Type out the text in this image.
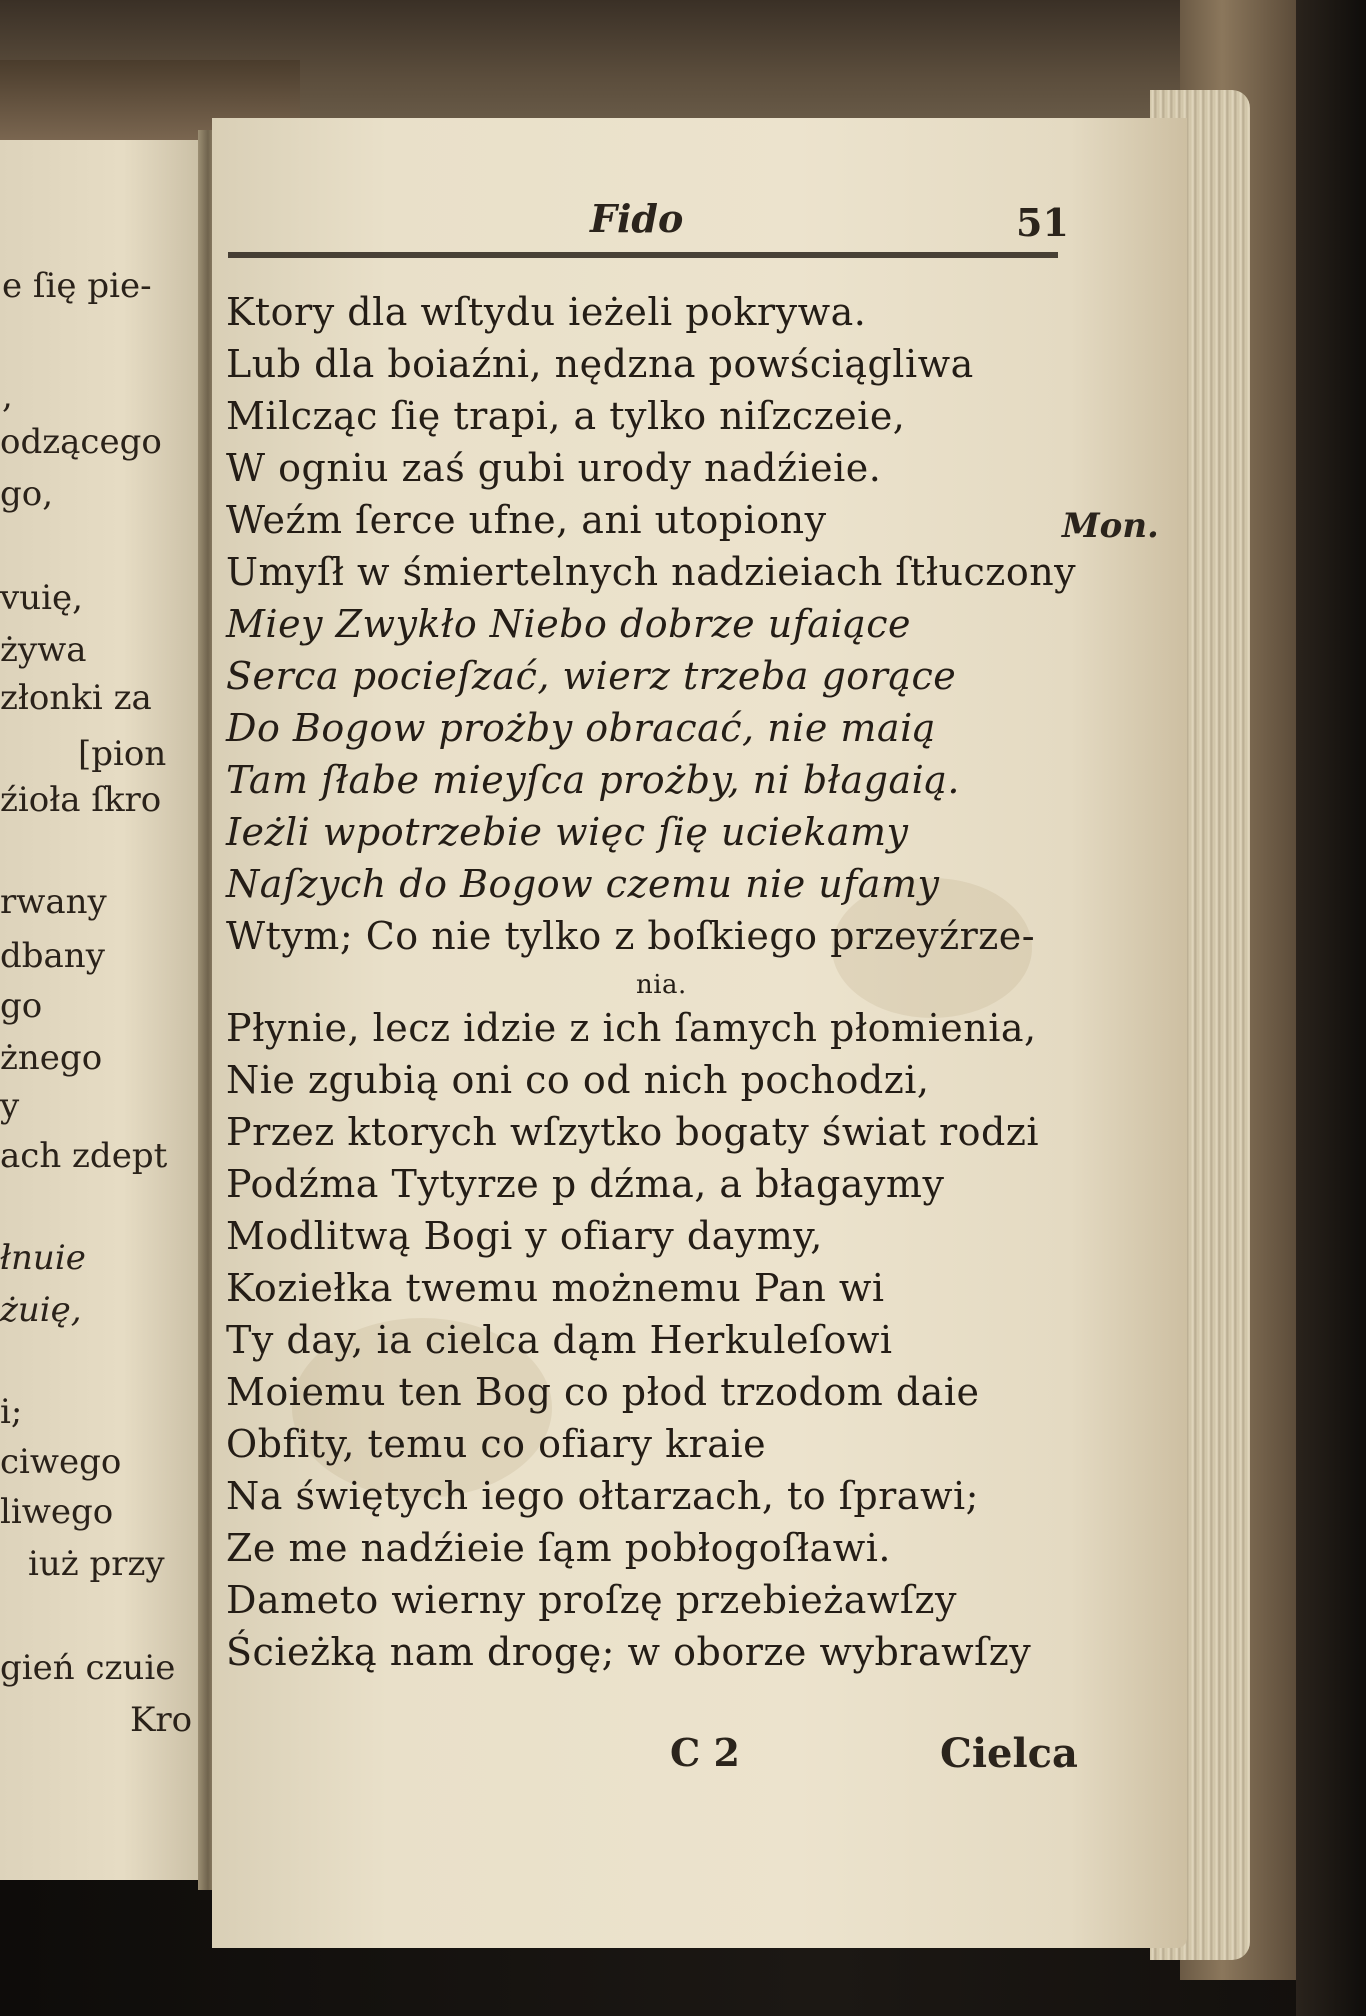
e ſię pie-
,
odzącego
go,
vuię,
żywa
złonki za
[pion
źioła ſkro
rwany
dbany
go
żnego
y
ach zdept
łnuie
żuię,
i;
ciwego
liwego
iuż przy
gień czuie
Kro
Fido	51
Mon.
Ktory dla wſtydu ieżeli pokrywa.
Lub dla boiaźni, nędzna powściągliwa
Milcząc ſię trapi, a tylko niſzczeie,
W ogniu zaś gubi urody nadźieie.
Weźm ſerce ufne, ani utopiony
Umyſł w śmiertelnych nadzieiach ſtłuczony
Miey Zwykło Niebo dobrze ufaiące
Serca pocieſzać, wierz trzeba gorące
Do Bogow prożby obracać, nie maią
Tam ſłabe mieyſca prożby, ni błagaią.
Ieżli wpotrzebie więc ſię uciekamy
Naſzych do Bogow czemu nie ufamy
Wtym; Co nie tylko z boſkiego przeyźrze-
nia.
Płynie, lecz idzie z ich ſamych płomienia,
Nie zgubią oni co od nich pochodzi,
Przez ktorych wſzytko bogaty świat rodzi
Podźma Tytyrze p dźma, a błagaymy
Modlitwą Bogi y ofiary daymy,
Koziełka twemu możnemu Pan wi
Ty day, ia cielca dąm Herkuleſowi
Moiemu ten Bog co płod trzodom daie
Obfity, temu co ofiary kraie
Na świętych iego ołtarzach, to ſprawi;
Ze me nadźieie ſąm pobłogoſławi.
Dameto wierny proſzę przebieżawſzy
Ścieżką nam drogę; w oborze wybrawſzy
C 2	Cielca
